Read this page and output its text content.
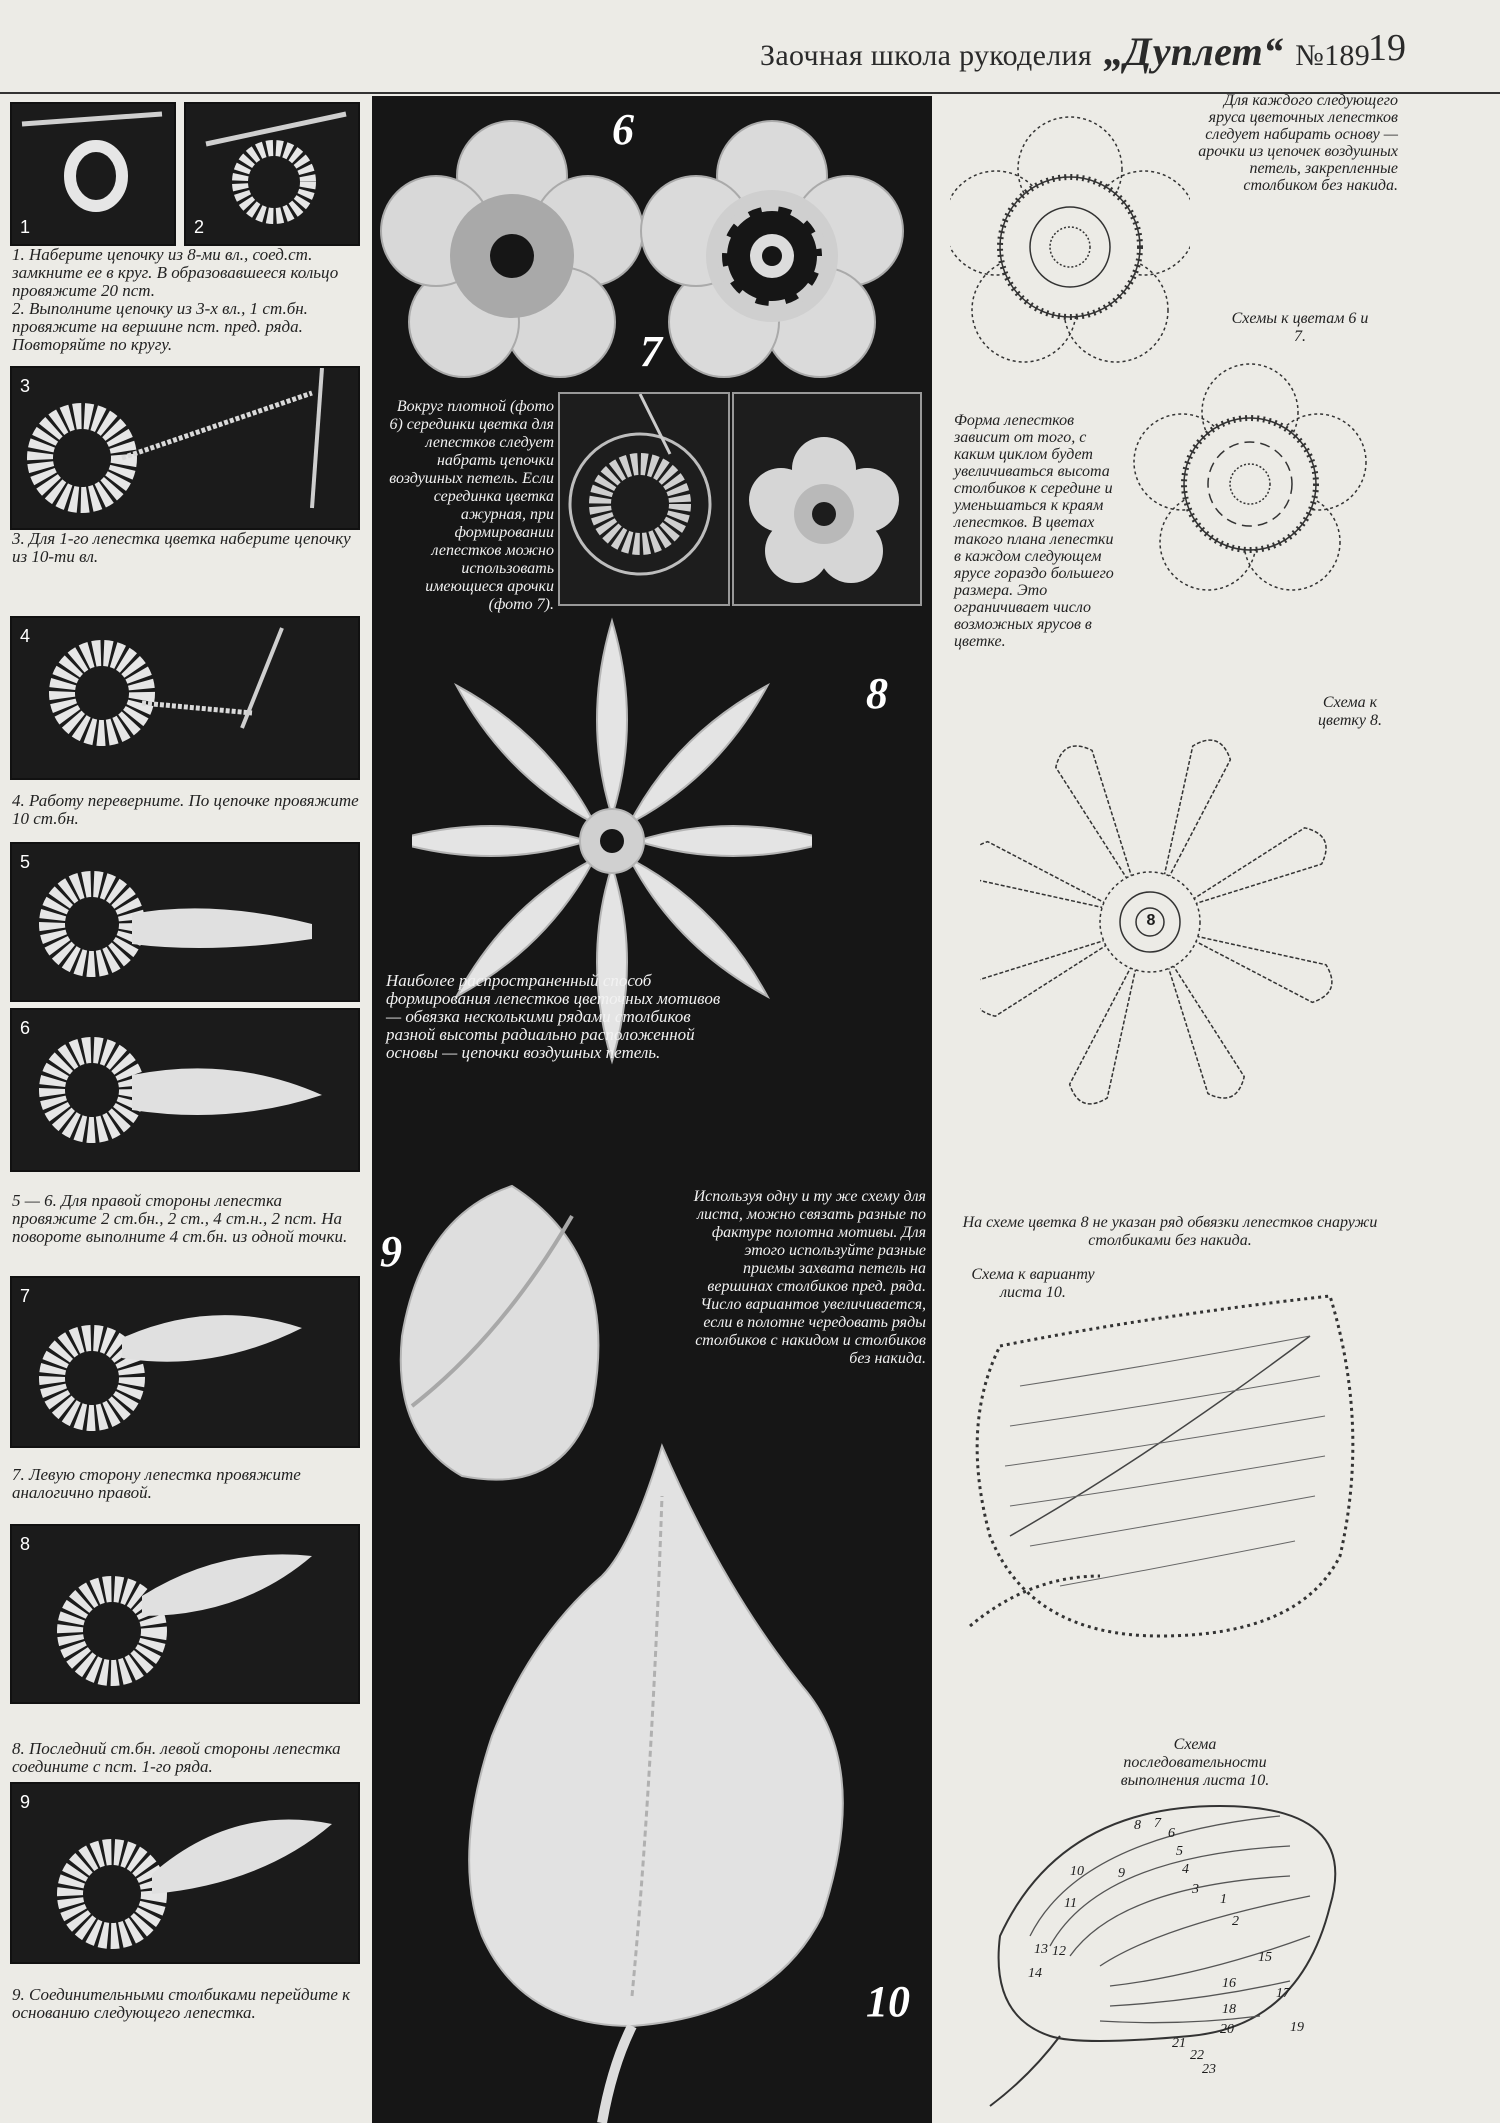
Заочная школа рукоделия „Дуплет“ №189
19
1	2
1. Наберите цепочку из 8-ми вл., соед.ст. замкните ее в круг. В образовавшееся кольцо провяжите 20 пст.
2. Выполните цепочку из 3-х вл., 1 ст.бн. провяжите на вершине пст. пред. ряда. Повторяйте по кругу.
3
3. Для 1-го лепестка цветка наберите цепочку из 10-ти вл.
4
4. Работу переверните. По цепочке провяжите 10 ст.бн.
5
6
5 — 6. Для правой стороны лепестка провяжите 2 ст.бн., 2 ст., 4 ст.н., 2 пст. На повороте выполните 4 ст.бн. из одной точки.
7
7. Левую сторону лепестка провяжите аналогично правой.
8
8. Последний ст.бн. левой стороны лепестка соедините с пст. 1-го ряда.
9
9. Соединительными столбиками перейдите к основанию следующего лепестка.
6
7
Вокруг плотной (фото 6) серединки цветка для лепестков следует набрать цепочки воздушных петель. Если серединка цветка ажурная, при формировании лепестков можно использовать имеющиеся арочки (фото 7).
8
Наиболее распространенный способ формирования лепестков цветочных мотивов — обвязка несколькими рядами столбиков разной высоты радиально расположенной основы — цепочки воздушных петель.
9
Используя одну и ту же схему для листа, можно связать разные по фактуре полотна мотивы. Для этого используйте разные приемы захвата петель на вершинах столбиков пред. ряда. Число вариантов увеличивается, если в полотне чередовать ряды столбиков с накидом и столбиков без накида.
10
Для каждого следующего яруса цветочных лепестков следует набирать основу — арочки из цепочек воздушных петель, закрепленные столбиком без накида.
Схемы к цветам 6 и 7.
Форма лепестков зависит от того, с каким циклом будет увеличиваться высота столбиков к середине и уменьшаться к краям лепестков. В цветах такого плана лепестки в каждом следующем ярусе гораздо большего размера. Это ограничивает число возможных ярусов в цветке.
Схема к цветку 8.
8
На схеме цветка 8 не указан ряд обвязки лепестков снаружи столбиками без накида.
Схема к варианту листа 10.
Схема последовательности выполнения листа 10.
1
2
3
4
5
6
7
8
9
10
11
12
13
14
15
16
17
18
19
20
21
22
23
